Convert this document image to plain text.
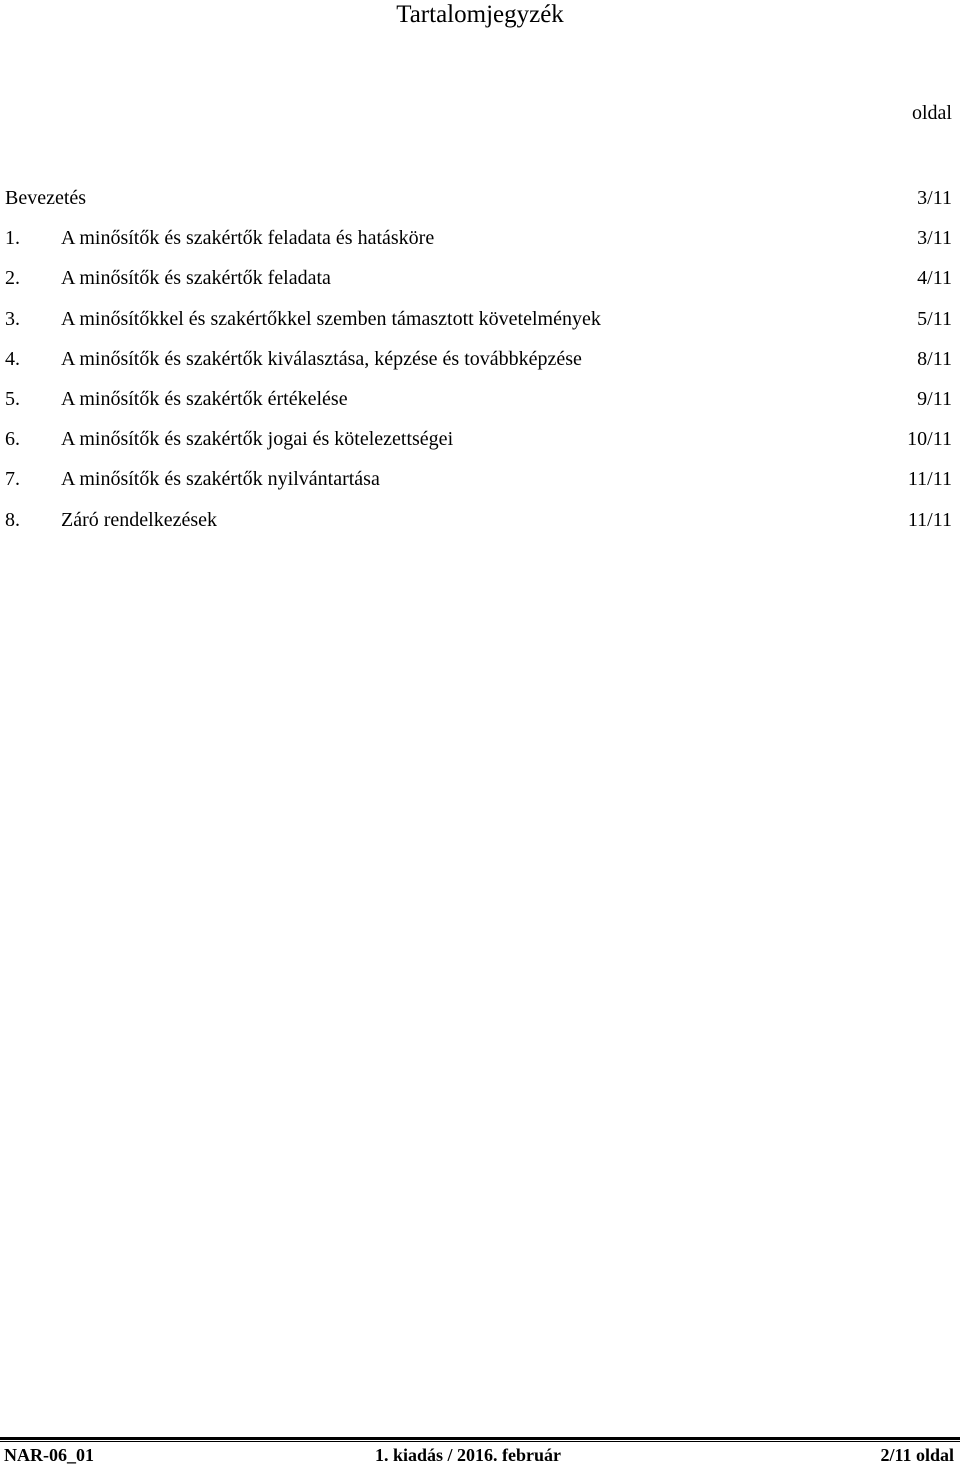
Tartalomjegyzék
oldal
Bevezetés	3/11
1. A minősítők és szakértők feladata és hatásköre	3/11
2. A minősítők és szakértők feladata	4/11
3. A minősítőkkel és szakértőkkel szemben támasztott követelmények	5/11
4. A minősítők és szakértők kiválasztása, képzése és továbbképzése	8/11
5. A minősítők és szakértők értékelése	9/11
6. A minősítők és szakértők jogai és kötelezettségei	10/11
7. A minősítők és szakértők nyilvántartása	11/11
8. Záró rendelkezések	11/11
NAR-06_01	1. kiadás / 2016. február	2/11 oldal
